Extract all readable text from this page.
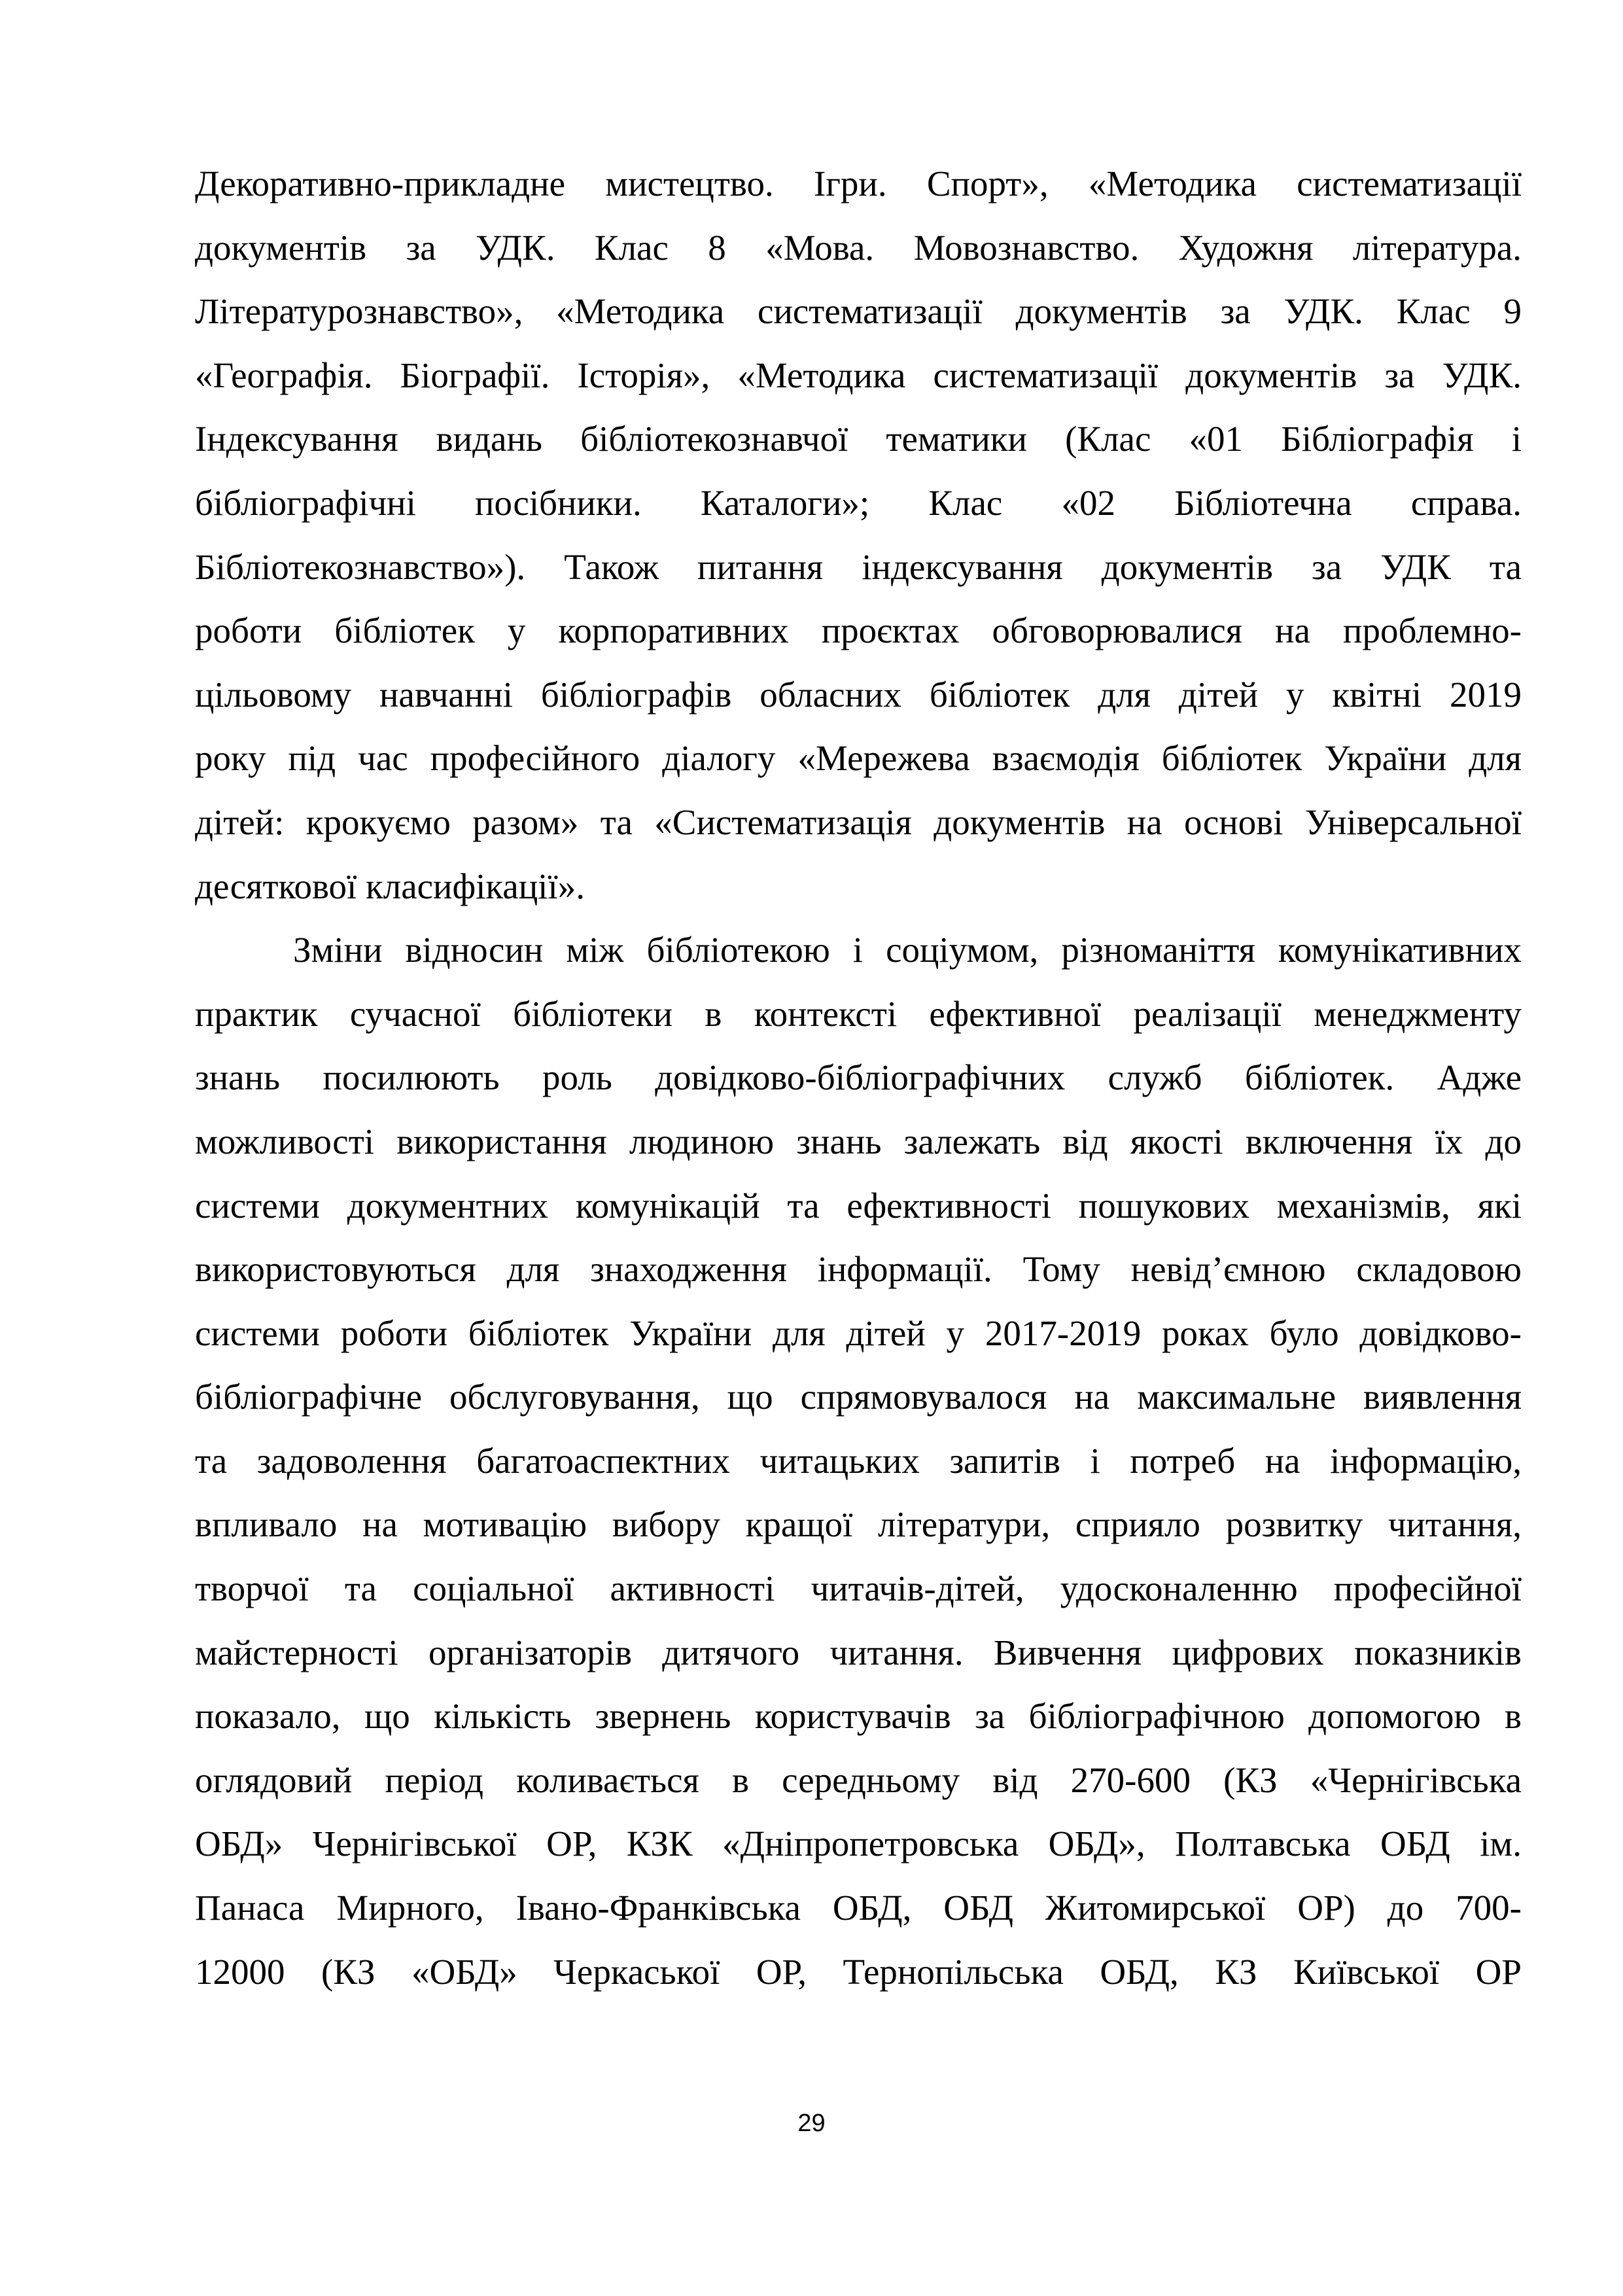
Декоративно-прикладне мистецтво. Ігри. Спорт», «Методика систематизації
документів за УДК. Клас 8 «Мова. Мовознавство. Художня література.
Літературознавство», «Методика систематизації документів за УДК. Клас 9
«Географія. Біографії. Історія», «Методика систематизації документів за УДК.
Індексування видань бібліотекознавчої тематики (Клас «01 Бібліографія і
бібліографічні посібники. Каталоги»; Клас «02 Бібліотечна справа.
Бібліотекознавство»). Також питання індексування документів за УДК та
роботи бібліотек у корпоративних проєктах обговорювалися на проблемно-
цільовому навчанні бібліографів обласних бібліотек для дітей у квітні 2019
року під час професійного діалогу «Мережева взаємодія бібліотек України для
дітей: крокуємо разом» та «Систематизація документів на основі Універсальної
десяткової класифікації».
Зміни відносин між бібліотекою і соціумом, різноманіття комунікативних
практик сучасної бібліотеки в контексті ефективної реалізації менеджменту
знань посилюють роль довідково-бібліографічних служб бібліотек. Адже
можливості використання людиною знань залежать від якості включення їх до
системи документних комунікацій та ефективності пошукових механізмів, які
використовуються для знаходження інформації. Тому невід’ємною складовою
системи роботи бібліотек України для дітей у 2017-2019 роках було довідково-
бібліографічне обслуговування, що спрямовувалося на максимальне виявлення
та задоволення багатоаспектних читацьких запитів і потреб на інформацію,
впливало на мотивацію вибору кращої літератури, сприяло розвитку читання,
творчої та соціальної активності читачів-дітей, удосконаленню професійної
майстерності організаторів дитячого читання. Вивчення цифрових показників
показало, що кількість звернень користувачів за бібліографічною допомогою в
оглядовий період коливається в середньому від 270-600 (КЗ «Чернігівська
ОБД» Чернігівської ОР, КЗК «Дніпропетровська ОБД», Полтавська ОБД ім.
Панаса Мирного, Івано-Франківська ОБД, ОБД Житомирської ОР) до 700-
12000 (КЗ «ОБД» Черкаської ОР, Тернопільська ОБД, КЗ Київської ОР
29
